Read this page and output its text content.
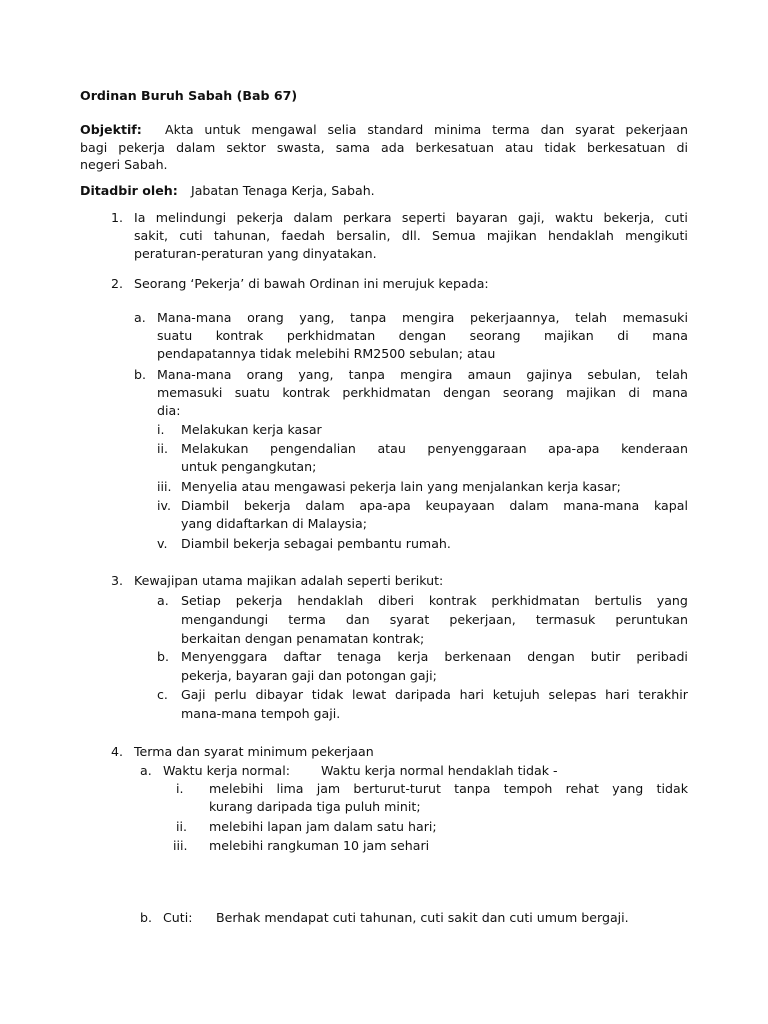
Ordinan Buruh Sabah (Bab 67)
Objektif: Akta untuk mengawal selia standard minima terma dan syarat pekerjaan
bagi pekerja dalam sektor swasta, sama ada berkesatuan atau tidak berkesatuan di
negeri Sabah.
Ditadbir oleh: Jabatan Tenaga Kerja, Sabah.
1. Ia melindungi pekerja dalam perkara seperti bayaran gaji, waktu bekerja, cuti
sakit, cuti tahunan, faedah bersalin, dll. Semua majikan hendaklah mengikuti
peraturan-peraturan yang dinyatakan.
2. Seorang ‘Pekerja’ di bawah Ordinan ini merujuk kepada:
a. Mana-mana orang yang, tanpa mengira pekerjaannya, telah memasuki
suatu kontrak perkhidmatan dengan seorang majikan di mana
pendapatannya tidak melebihi RM2500 sebulan; atau
b. Mana-mana orang yang, tanpa mengira amaun gajinya sebulan, telah
memasuki suatu kontrak perkhidmatan dengan seorang majikan di mana
dia:
i. Melakukan kerja kasar
ii. Melakukan pengendalian atau penyenggaraan apa-apa kenderaan
untuk pengangkutan;
iii. Menyelia atau mengawasi pekerja lain yang menjalankan kerja kasar;
iv. Diambil bekerja dalam apa-apa keupayaan dalam mana-mana kapal
yang didaftarkan di Malaysia;
v. Diambil bekerja sebagai pembantu rumah.
3. Kewajipan utama majikan adalah seperti berikut:
a. Setiap pekerja hendaklah diberi kontrak perkhidmatan bertulis yang
mengandungi terma dan syarat pekerjaan, termasuk peruntukan
berkaitan dengan penamatan kontrak;
b. Menyenggara daftar tenaga kerja berkenaan dengan butir peribadi
pekerja, bayaran gaji dan potongan gaji;
c. Gaji perlu dibayar tidak lewat daripada hari ketujuh selepas hari terakhir
mana-mana tempoh gaji.
4. Terma dan syarat minimum pekerjaan
a. Waktu kerja normal: Waktu kerja normal hendaklah tidak -
i. melebihi lima jam berturut-turut tanpa tempoh rehat yang tidak
kurang daripada tiga puluh minit;
ii. melebihi lapan jam dalam satu hari;
iii. melebihi rangkuman 10 jam sehari
b. Cuti: Berhak mendapat cuti tahunan, cuti sakit dan cuti umum bergaji.
